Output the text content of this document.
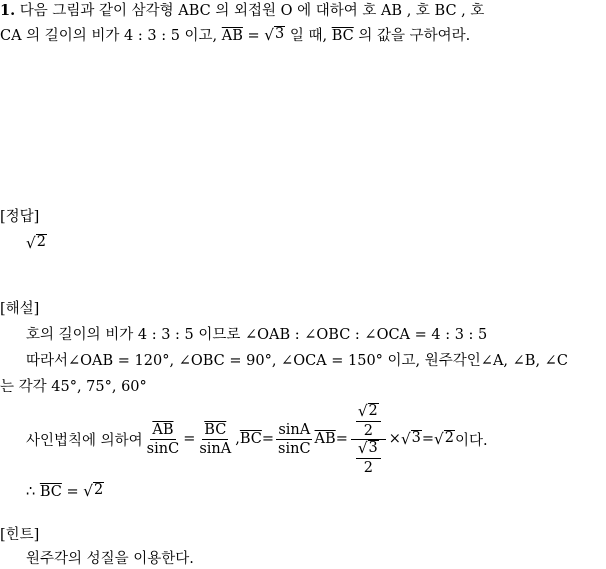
1. 다음 그림과 같이 삼각형 ABC 의 외접원 O 에 대하여 호 AB , 호 BC , 호
CA 의 길이의 비가 4 : 3 : 5 이고, $\overline{AB}$ = √ 3 일 때, $\overline{BC}$ 의 값을 구하여라.
[정답]
√ 2
[해설]
호의 길이의 비가 4 : 3 : 5 이므로 ∠OAB : ∠OBC : ∠OCA = 4 : 3 : 5
따라서∠OAB = 120°, ∠OBC = 90°, ∠OCA = 150° 이고, 원주각인∠A, ∠B, ∠C
는 각각 45°, 75°, 60°
사인법칙에 의하여 $\frac{\overline{AB}}{\sin C} = \frac{\overline{BC}}{\sin A}$ , $\overline{BC} = \frac{\sin A}{\sin C} \overline{AB} = \frac{\frac{√ 2}{2}}{\frac{√ 3}{2}}$ × √ 3 = √ 2 이다.
∴ $\overline{BC}$ = √ 2
[힌트]
원주각의 성질을 이용한다.
